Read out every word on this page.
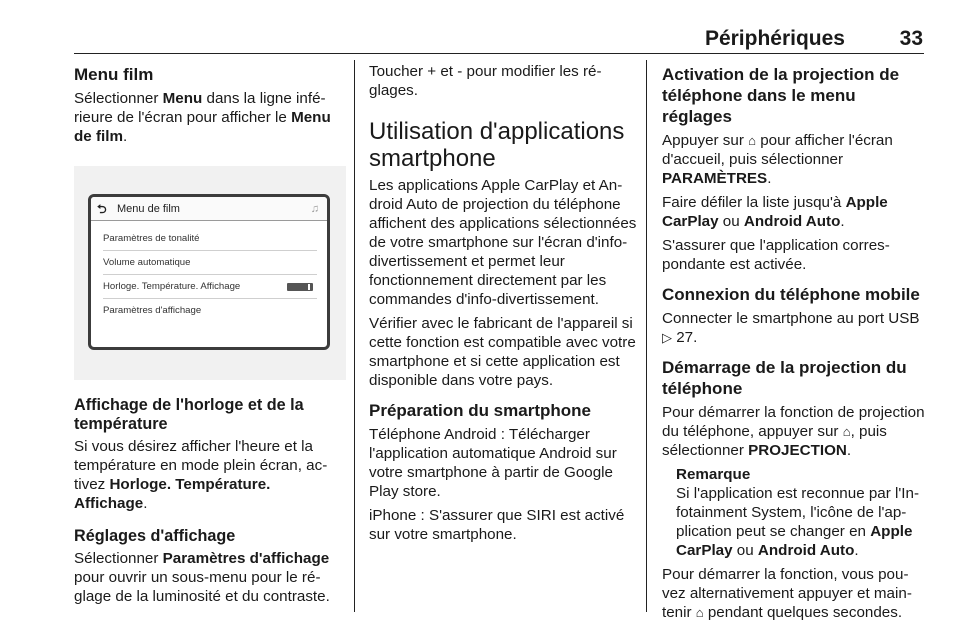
Périphériques	33
Menu film

Sélectionner Menu dans la ligne inférieure de l'écran pour afficher le Menu de film.

⮌ Menu de film	♫
Paramètres de tonalité
Volume automatique
Horloge. Température. Affichage
Paramètres d'affichage
Affichage de l'horloge et de la température

Si vous désirez afficher l'heure et la température en mode plein écran, activez Horloge. Température. Affichage.

Réglages d'affichage

Sélectionner Paramètres d'affichage pour ouvrir un sous-menu pour le réglage de la luminosité et du contraste.

Toucher + et - pour modifier les réglages.

Utilisation d'applications smartphone

Les applications Apple CarPlay et Android Auto de projection du téléphone affichent des applications sélectionnées de votre smartphone sur l'écran d'info-divertissement et permet leur fonctionnement directement par les commandes d'info-divertissement.

Vérifier avec le fabricant de l'appareil si cette fonction est compatible avec votre smartphone et si cette application est disponible dans votre pays.

Préparation du smartphone

Téléphone Android : Télécharger l'application automatique Android sur votre smartphone à partir de Google Play store.

iPhone : S'assurer que SIRI est activé sur votre smartphone.

Activation de la projection de téléphone dans le menu réglages

Appuyer sur ⌂ pour afficher l'écran d'accueil, puis sélectionner PARAMÈTRES.

Faire défiler la liste jusqu'à Apple CarPlay ou Android Auto.

S'assurer que l'application correspondante est activée.

Connexion du téléphone mobile

Connecter le smartphone au port USB ▷ 27.

Démarrage de la projection du téléphone

Pour démarrer la fonction de projection du téléphone, appuyer sur ⌂, puis sélectionner PROJECTION.

Remarque

Si l'application est reconnue par l'Infotainment System, l'icône de l'application peut se changer en Apple CarPlay ou Android Auto.

Pour démarrer la fonction, vous pouvez alternativement appuyer et maintenir ⌂ pendant quelques secondes.
